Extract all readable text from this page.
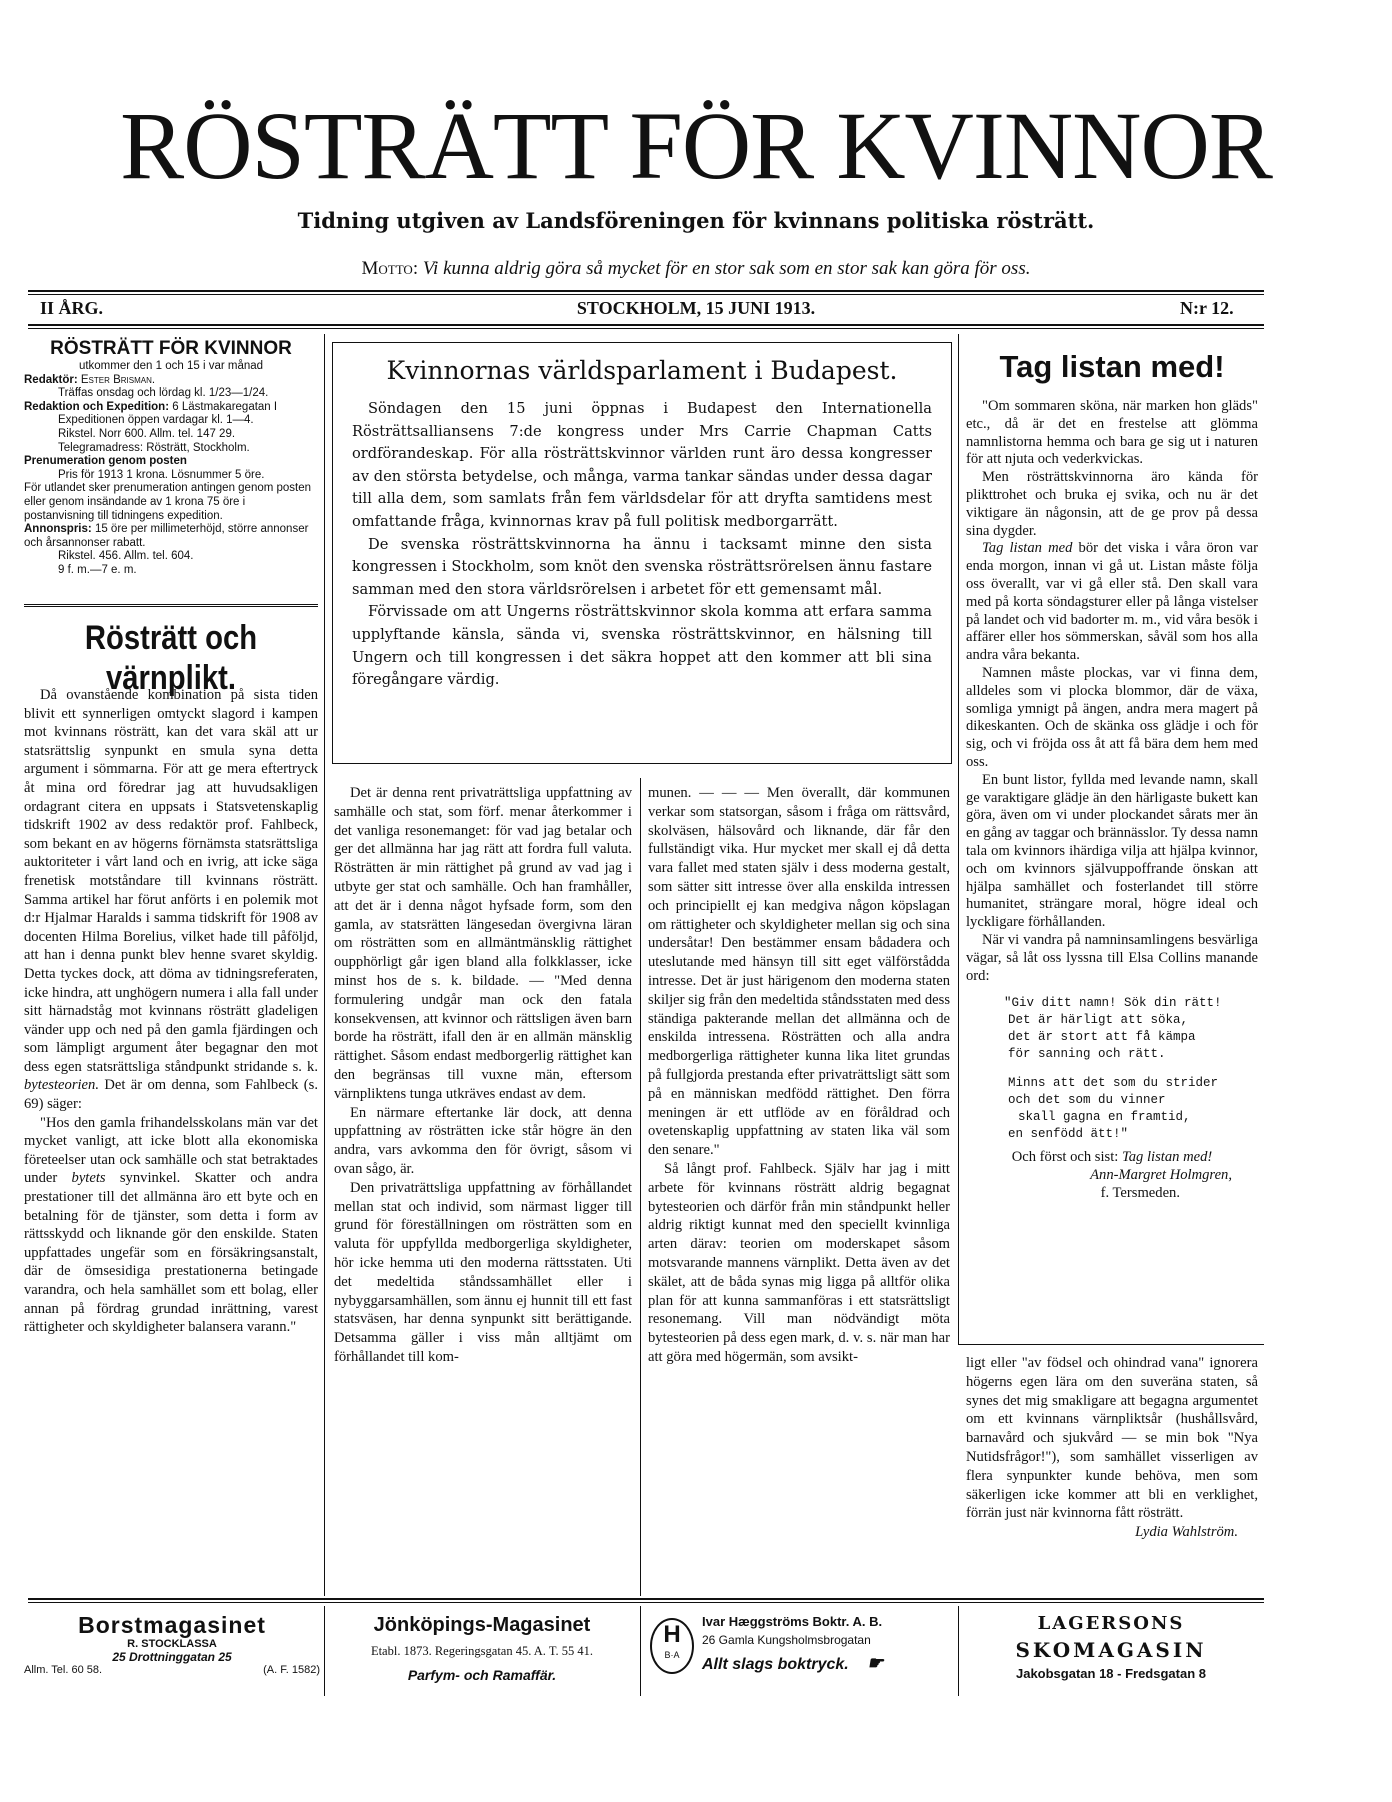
RÖSTRÄTT FÖR KVINNOR
Tidning utgiven av Landsföreningen för kvinnans politiska rösträtt.
Motto: Vi kunna aldrig göra så mycket för en stor sak som en stor sak kan göra för oss.
II ÅRG.	STOCKHOLM, 15 JUNI 1913.	N:r 12.
RÖSTRÄTT FÖR KVINNOR
utkommer den 1 och 15 i var månad
Redaktör: Ester Brisman.
Träffas onsdag och lördag kl. 1/23—1/24.
Redaktion och Expedition: 6 Lästmakaregatan I
Expeditionen öppen vardagar kl. 1—4.
Rikstel. Norr 600. Allm. tel. 147 29.
Telegramadress: Rösträtt, Stockholm.
Prenumeration genom posten
Pris för 1913 1 krona. Lösnummer 5 öre.
För utlandet sker prenumeration antingen genom posten eller genom insändande av 1 krona 75 öre i postanvisning till tidningens expedition.
Annonspris: 15 öre per millimeterhöjd, större annonser och årsannonser rabatt.
Rikstel. 456. Allm. tel. 604.
9 f. m.—7 e. m.
Rösträtt och värnplikt.

Då ovanstående kombination på sista tiden blivit ett synnerligen omtyckt slagord i kampen mot kvinnans rösträtt, kan det vara skäl att ur statsrättslig synpunkt en smula syna detta argument i sömmarna. För att ge mera eftertryck åt mina ord föredrar jag att huvudsakligen ordagrant citera en uppsats i Statsvetenskaplig tidskrift 1902 av dess redaktör prof. Fahlbeck, som bekant en av högerns förnämsta statsrättsliga auktoriteter i vårt land och en ivrig, att icke säga frenetisk motståndare till kvinnans rösträtt. Samma artikel har förut anförts i en polemik mot d:r Hjalmar Haralds i samma tidskrift för 1908 av docenten Hilma Borelius, vilket hade till påföljd, att han i denna punkt blev henne svaret skyldig. Detta tyckes dock, att döma av tidningsreferaten, icke hindra, att unghögern numera i alla fall under sitt härnadståg mot kvinnans rösträtt gladeligen vänder upp och ned på den gamla fjärdingen och som lämpligt argument åter begagnar den mot dess egen statsrättsliga ståndpunkt stridande s. k. bytesteorien. Det är om denna, som Fahlbeck (s. 69) säger:

"Hos den gamla frihandelsskolans män var det mycket vanligt, att icke blott alla ekonomiska företeelser utan ock samhälle och stat betraktades under bytets synvinkel. Skatter och andra prestationer till det allmänna äro ett byte och en betalning för de tjänster, som detta i form av rättsskydd och liknande gör den enskilde. Staten uppfattades ungefär som en försäkringsanstalt, där de ömsesidiga prestationerna betingade varandra, och hela samhället som ett bolag, eller annan på fördrag grundad inrättning, varest rättigheter och skyldigheter balansera varann."

Kvinnornas världsparlament i Budapest.

Söndagen den 15 juni öppnas i Budapest den Internationella Rösträttsalliansens 7:de kongress under Mrs Carrie Chapman Catts ordförandeskap. För alla rösträttskvinnor världen runt äro dessa kongresser av den största betydelse, och många, varma tankar sändas under dessa dagar till alla dem, som samlats från fem världsdelar för att dryfta samtidens mest omfattande fråga, kvinnornas krav på full politisk medborgarrätt.

De svenska rösträttskvinnorna ha ännu i tacksamt minne den sista kongressen i Stockholm, som knöt den svenska rösträttsrörelsen ännu fastare samman med den stora världsrörelsen i arbetet för ett gemensamt mål.

Förvissade om att Ungerns rösträttskvinnor skola komma att erfara samma upplyftande känsla, sända vi, svenska rösträttskvinnor, en hälsning till Ungern och till kongressen i det säkra hoppet att den kommer att bli sina föregångare värdig.

Det är denna rent privaträttsliga uppfattning av samhälle och stat, som förf. menar återkommer i det vanliga resonemanget: för vad jag betalar och ger det allmänna har jag rätt att fordra full valuta. Rösträtten är min rättighet på grund av vad jag i utbyte ger stat och samhälle. Och han framhåller, att det är i denna något hyfsade form, som den gamla, av statsrätten längesedan övergivna läran om rösträtten som en allmäntmänsklig rättighet oupphörligt går igen bland alla folkklasser, icke minst hos de s. k. bildade. — "Med denna formulering undgår man ock den fatala konsekvensen, att kvinnor och rättsligen även barn borde ha rösträtt, ifall den är en allmän mänsklig rättighet. Såsom endast medborgerlig rättighet kan den begränsas till vuxne män, eftersom värnpliktens tunga utkräves endast av dem.

En närmare eftertanke lär dock, att denna uppfattning av rösträtten icke står högre än den andra, vars avkomma den för övrigt, såsom vi ovan sågo, är.

Den privaträttsliga uppfattning av förhållandet mellan stat och individ, som närmast ligger till grund för föreställningen om rösträtten som en valuta för uppfyllda medborgerliga skyldigheter, hör icke hemma uti den moderna rättsstaten. Uti det medeltida ståndssamhället eller i nybyggarsamhällen, som ännu ej hunnit till ett fast statsväsen, har denna synpunkt sitt berättigande. Detsamma gäller i viss mån alltjämt om förhållandet till kom-

munen. — — — Men överallt, där kommunen verkar som statsorgan, såsom i fråga om rättsvård, skolväsen, hälsovård och liknande, där får den fullständigt vika. Hur mycket mer skall ej då detta vara fallet med staten själv i dess moderna gestalt, som sätter sitt intresse över alla enskilda intressen och principiellt ej kan medgiva någon köpslagan om rättigheter och skyldigheter mellan sig och sina undersåtar! Den bestämmer ensam bådadera och uteslutande med hänsyn till sitt eget välförstådda intresse. Det är just härigenom den moderna staten skiljer sig från den medeltida ståndsstaten med dess ständiga pakterande mellan det allmänna och de enskilda intressena. Rösträtten och alla andra medborgerliga rättigheter kunna lika litet grundas på fullgjorda prestanda efter privaträttsligt sätt som på en människan medfödd rättighet. Den förra meningen är ett utflöde av en föråldrad och ovetenskaplig uppfattning av staten lika väl som den senare."

Så långt prof. Fahlbeck. Själv har jag i mitt arbete för kvinnans rösträtt aldrig begagnat bytesteorien och därför från min ståndpunkt heller aldrig riktigt kunnat med den speciellt kvinnliga arten därav: teorien om moderskapet såsom motsvarande mannens värnplikt. Detta även av det skälet, att de båda synas mig ligga på alltför olika plan för att kunna sammanföras i ett statsrättsligt resonemang. Vill man nödvändigt möta bytesteorien på dess egen mark, d. v. s. när man har att göra med högermän, som avsikt-

Tag listan med!

"Om sommaren sköna, när marken hon gläds" etc., då är det en frestelse att glömma namnlistorna hemma och bara ge sig ut i naturen för att njuta och vederkvickas.

Men rösträttskvinnorna äro kända för plikttrohet och bruka ej svika, och nu är det viktigare än någonsin, att de ge prov på dessa sina dygder.

Tag listan med bör det viska i våra öron var enda morgon, innan vi gå ut. Listan måste följa oss överallt, var vi gå eller stå. Den skall vara med på korta söndagsturer eller på långa vistelser på landet och vid badorter m. m., vid våra besök i affärer eller hos sömmerskan, såväl som hos alla andra våra bekanta.

Namnen måste plockas, var vi finna dem, alldeles som vi plocka blommor, där de växa, somliga ymnigt på ängen, andra mera magert på dikeskanten. Och de skänka oss glädje i och för sig, och vi fröjda oss åt att få bära dem hem med oss.

En bunt listor, fyllda med levande namn, skall ge varaktigare glädje än den härligaste bukett kan göra, även om vi under plockandet sårats mer än en gång av taggar och brännässlor. Ty dessa namn tala om kvinnors ihärdiga vilja att hjälpa kvinnor, och om kvinnors självuppoffrande önskan att hjälpa samhället och fosterlandet till större humanitet, strängare moral, högre ideal och lyckligare förhållanden.

När vi vandra på namninsamlingens besvärliga vägar, så låt oss lyssna till Elsa Collins manande ord:

"Giv ditt namn! Sök din rätt!
Det är härligt att söka,
det är stort att få kämpa
för sanning och rätt.
Minns att det som du strider
och det som du vinner
skall gagna en framtid,
en senfödd ätt!"

Och först och sist: Tag listan med!

Ann-Margret Holmgren,
f. Tersmeden.

ligt eller "av födsel och ohindrad vana" ignorera högerns egen lära om den suveräna staten, så synes det mig smakligare att begagna argumentet om ett kvinnans värnpliktsår (hushållsvård, barnavård och sjukvård — se min bok "Nya Nutidsfrågor!"), som samhället visserligen av flera synpunkter kunde behöva, men som säkerligen icke kommer att bli en verklighet, förrän just när kvinnorna fått rösträtt.

Lydia Wahlström.
Borstmagasinet
R. STOCKLASSA
25 Drottninggatan 25
Allm. Tel. 60 58.	(A. F. 1582)
Jönköpings-Magasinet
Etabl. 1873. Regeringsgatan 45. A. T. 55 41.
Parfym- och Ramaffär.
H
B·A
Ivar Hæggströms Boktr. A. B.
26 Gamla Kungsholmsbrogatan
Allt slags boktryck. ☛
LAGERSONS
SKOMAGASIN
Jakobsgatan 18 - Fredsgatan 8
